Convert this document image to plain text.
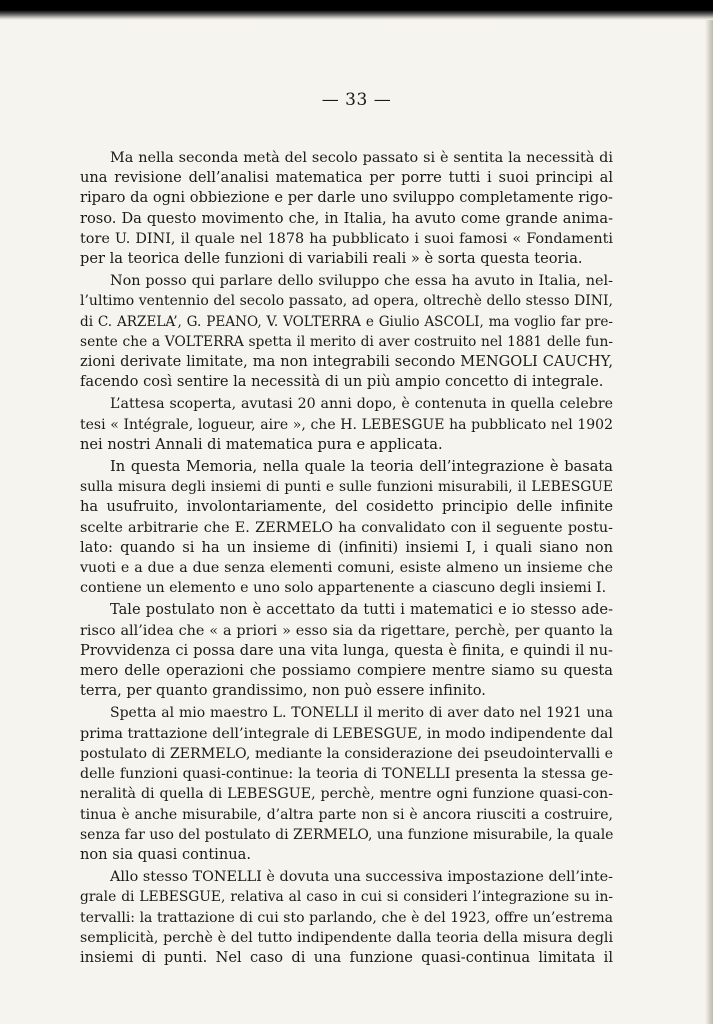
— 33 —
Ma nella seconda metà del secolo passato si è sentita la necessità di
una revisione dell’analisi matematica per porre tutti i suoi principi al
riparo da ogni obbiezione e per darle uno sviluppo completamente rigo-
roso. Da questo movimento che, in Italia, ha avuto come grande anima-
tore U. DINI, il quale nel 1878 ha pubblicato i suoi famosi « Fondamenti
per la teorica delle funzioni di variabili reali » è sorta questa teoria.
Non posso qui parlare dello sviluppo che essa ha avuto in Italia, nel-
l’ultimo ventennio del secolo passato, ad opera, oltrechè dello stesso DINI,
di C. ARZELA’, G. PEANO, V. VOLTERRA e Giulio ASCOLI, ma voglio far pre-
sente che a VOLTERRA spetta il merito di aver costruito nel 1881 delle fun-
zioni derivate limitate, ma non integrabili secondo MENGOLI CAUCHY,
facendo così sentire la necessità di un più ampio concetto di integrale.
L’attesa scoperta, avutasi 20 anni dopo, è contenuta in quella celebre
tesi « Intégrale, logueur, aire », che H. LEBESGUE ha pubblicato nel 1902
nei nostri Annali di matematica pura e applicata.
In questa Memoria, nella quale la teoria dell’integrazione è basata
sulla misura degli insiemi di punti e sulle funzioni misurabili, il LEBESGUE
ha usufruito, involontariamente, del cosidetto principio delle infinite
scelte arbitrarie che E. ZERMELO ha convalidato con il seguente postu-
lato: quando si ha un insieme di (infiniti) insiemi I, i quali siano non
vuoti e a due a due senza elementi comuni, esiste almeno un insieme che
contiene un elemento e uno solo appartenente a ciascuno degli insiemi I.
Tale postulato non è accettato da tutti i matematici e io stesso ade-
risco all’idea che « a priori » esso sia da rigettare, perchè, per quanto la
Provvidenza ci possa dare una vita lunga, questa è finita, e quindi il nu-
mero delle operazioni che possiamo compiere mentre siamo su questa
terra, per quanto grandissimo, non può essere infinito.
Spetta al mio maestro L. TONELLI il merito di aver dato nel 1921 una
prima trattazione dell’integrale di LEBESGUE, in modo indipendente dal
postulato di ZERMELO, mediante la considerazione dei pseudointervalli e
delle funzioni quasi-continue: la teoria di TONELLI presenta la stessa ge-
neralità di quella di LEBESGUE, perchè, mentre ogni funzione quasi-con-
tinua è anche misurabile, d’altra parte non si è ancora riusciti a costruire,
senza far uso del postulato di ZERMELO, una funzione misurabile, la quale
non sia quasi continua.
Allo stesso TONELLI è dovuta una successiva impostazione dell’inte-
grale di LEBESGUE, relativa al caso in cui si consideri l’integrazione su in-
tervalli: la trattazione di cui sto parlando, che è del 1923, offre un’estrema
semplicità, perchè è del tutto indipendente dalla teoria della misura degli
insiemi di punti. Nel caso di una funzione quasi-continua limitata il
